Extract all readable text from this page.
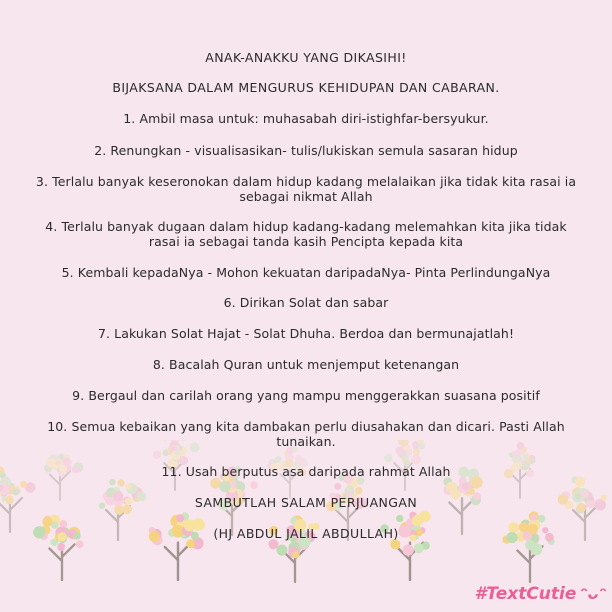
ANAK-ANAKKU YANG DIKASIHI!
BIJAKSANA DALAM MENGURUS KEHIDUPAN DAN CABARAN.
1. Ambil masa untuk: muhasabah diri-istighfar-bersyukur.
2. Renungkan - visualisasikan- tulis/lukiskan semula sasaran hidup
3. Terlalu banyak keseronokan dalam hidup kadang melalaikan jika tidak kita rasai ia
sebagai nikmat Allah
4. Terlalu banyak dugaan dalam hidup kadang-kadang melemahkan kita jika tidak
rasai ia sebagai tanda kasih Pencipta kepada kita
5. Kembali kepadaNya - Mohon kekuatan daripadaNya- Pinta PerlindungaNya
6. Dirikan Solat dan sabar
7. Lakukan Solat Hajat - Solat Dhuha. Berdoa dan bermunajatlah!
8. Bacalah Quran untuk menjemput ketenangan
9. Bergaul dan carilah orang yang mampu menggerakkan suasana positif
10. Semua kebaikan yang kita dambakan perlu diusahakan dan dicari. Pasti Allah
tunaikan.
11. Usah berputus asa daripada rahmat Allah
SAMBUTLAH SALAM PERJUANGAN
(HJ ABDUL JALIL ABDULLAH)
#TextCutie ᵔᴗᵔ
